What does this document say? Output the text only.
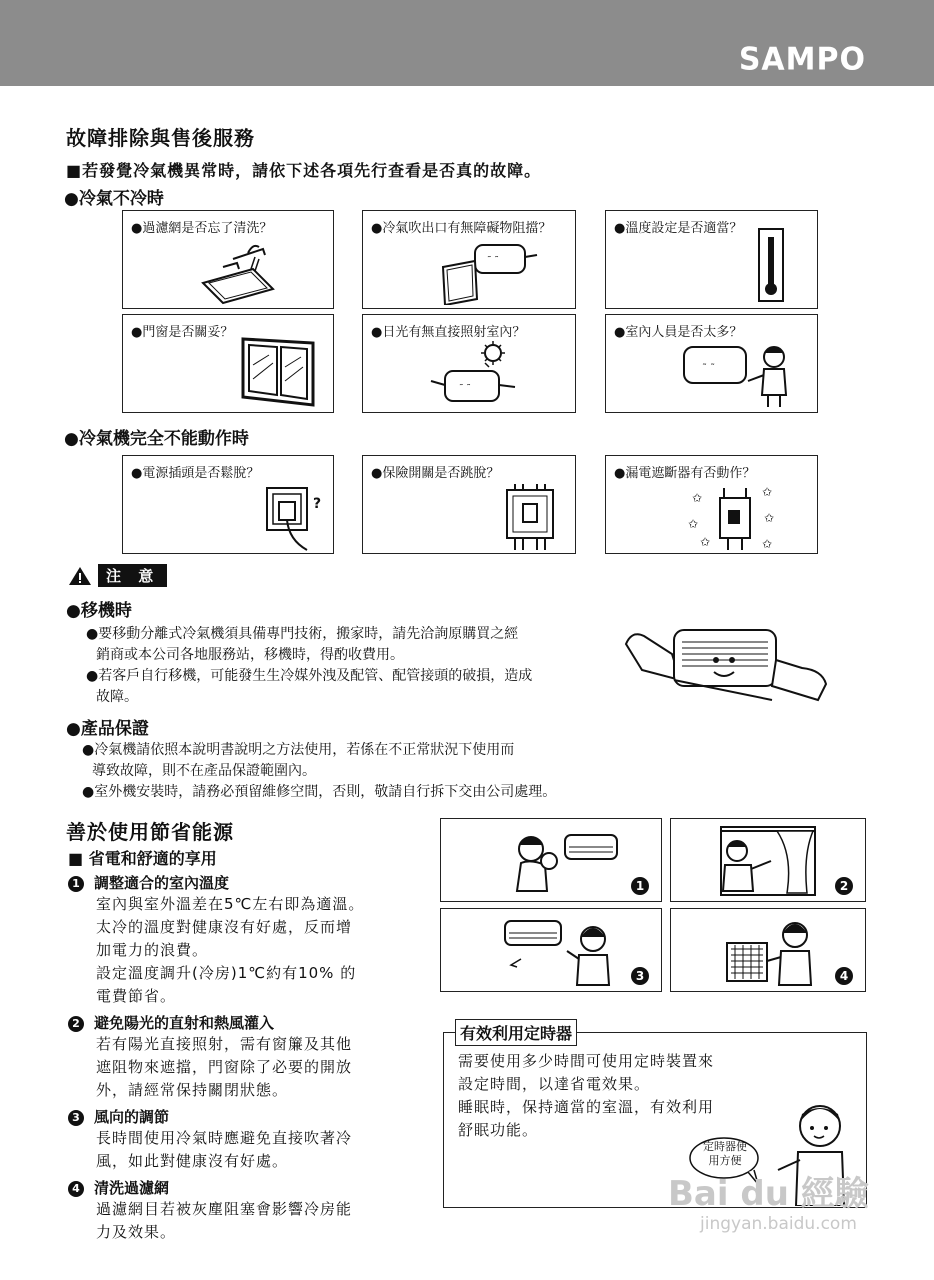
SAMPO
故障排除與售後服務
■若發覺冷氣機異常時，請依下述各項先行查看是否真的故障。
●冷氣不冷時
●過濾網是否忘了清洗？	●冷氣吹出口有無障礙物阻擋？
˜ ˜
●溫度設定是否適當？
●門窗是否關妥？	●日光有無直接照射室內？
˜ ˜
●室內人員是否太多？
˜ ˜
●冷氣機完全不能動作時
●電源插頭是否鬆脫？
?
●保險開關是否跳脫？	●漏電遮斷器有否動作？
✩	✩
✩	✩
✩	✩
注 意
●移機時
●要移動分離式冷氣機須具備專門技術，搬家時，請先洽詢原購買之經
銷商或本公司各地服務站，移機時，得酌收費用。
●若客戶自行移機，可能發生生冷媒外洩及配管、配管接頭的破損，造成
故障。
●產品保證
●冷氣機請依照本說明書說明之方法使用，若係在不正常狀況下使用而
導致故障，則不在產品保證範圍內。
●室外機安裝時，請務必預留維修空間，否則，敬請自行拆下交由公司處理。
善於使用節省能源
■ 省電和舒適的享用
1 調整適合的室內溫度
室內與室外溫差在5℃左右即為適溫。
太冷的溫度對健康沒有好處，反而增
加電力的浪費。
設定溫度調升(冷房)1℃約有10% 的
電費節省。
2 避免陽光的直射和熱風灌入
若有陽光直接照射，需有窗簾及其他
遮阻物來遮擋，門窗除了必要的開放
外，請經常保持關閉狀態。
3 風向的調節
長時間使用冷氣時應避免直接吹著冷
風，如此對健康沒有好處。
4 清洗過濾網
過濾網目若被灰塵阻塞會影響冷房能
力及效果。
1	2
3	4
有效利用定時器
需要使用多少時間可使用定時裝置來
設定時間，以達省電效果。
睡眠時，保持適當的室溫，有效利用
舒眠功能。
定時器使
用方便
Bai du 經驗
jingyan.baidu.com
